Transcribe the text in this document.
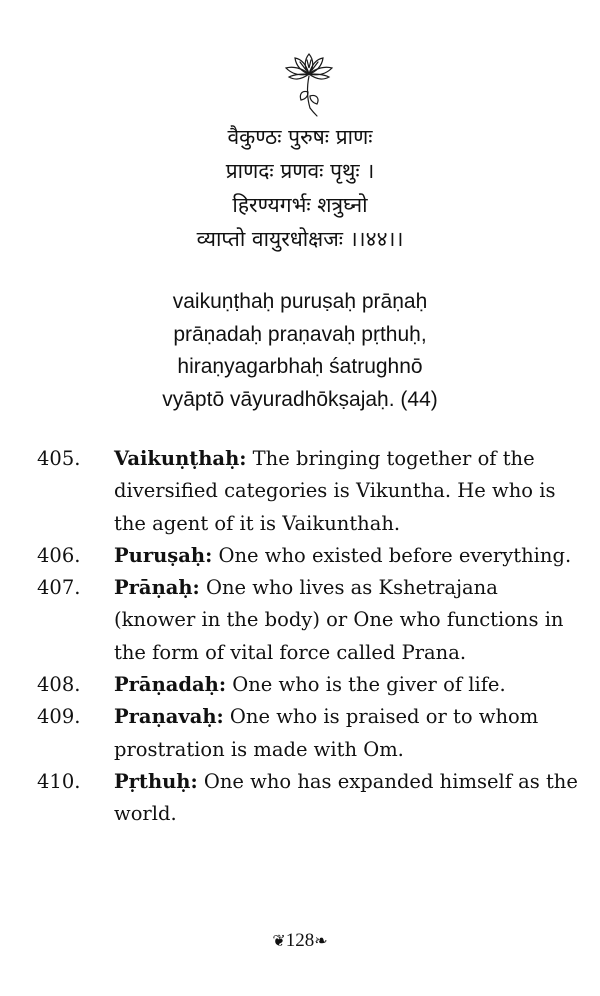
वैकुण्ठः पुरुषः प्राणः
प्राणदः प्रणवः पृथुः ।
हिरण्यगर्भः शत्रुघ्नो
व्याप्तो वायुरधोक्षजः ।।४४।।
vaikuṇṭhaḥ puruṣaḥ prāṇaḥ
prāṇadaḥ praṇavaḥ pṛthuḥ,
hiraṇyagarbhaḥ śatrughnō
vyāptō vāyuradhōkṣajaḥ. (44)
405. Vaikuṇṭhaḥ: The bringing together of the
diversified categories is Vikuntha. He who is
the agent of it is Vaikunthah.
406. Puruṣaḥ: One who existed before everything.
407. Prāṇaḥ: One who lives as Kshetrajana
(knower in the body) or One who functions in
the form of vital force called Prana.
408. Prāṇadaḥ: One who is the giver of life.
409. Praṇavaḥ: One who is praised or to whom
prostration is made with Om.
410. Pṛthuḥ: One who has expanded himself as the
world.
❦128❧
